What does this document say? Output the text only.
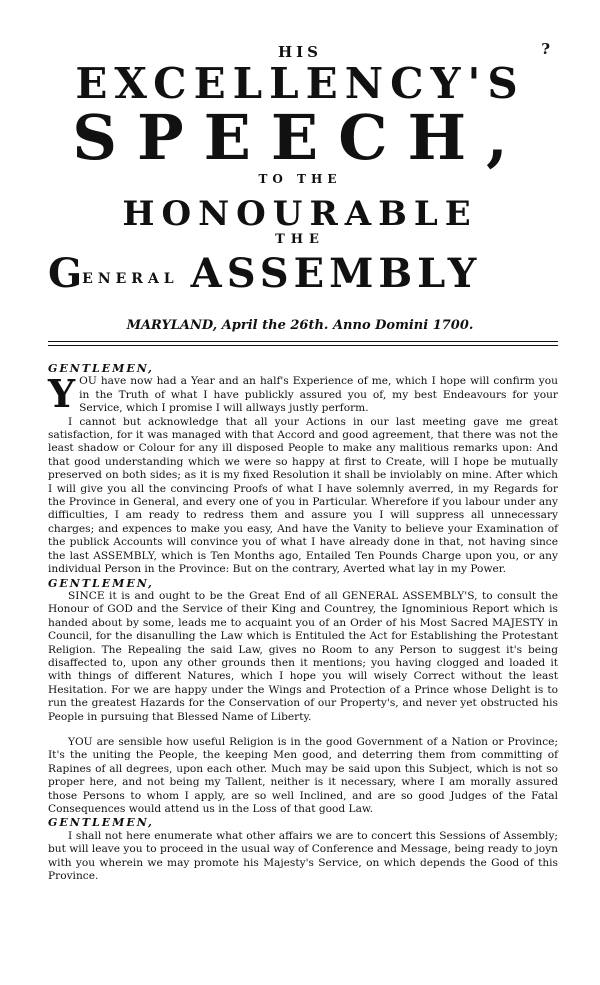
?
HIS
EXCELLENCY'S
SPEECH,
TO THE
HONOURABLE
THE
GENERAL ASSEMBLY
MARYLAND, April the 26th. Anno Domini 1700.

GENTLEMEN,

YOU have now had a Year and an half's Experience of me, which I hope will confirm you in the Truth of what I have publickly assured you of, my best Endeavours for your Service, which I promise I will allways justly perform.

I cannot but acknowledge that all your Actions in our last meeting gave me great satisfaction, for it was managed with that Accord and good agreement, that there was not the least shadow or Colour for any ill disposed People to make any malitious remarks upon: And that good understanding which we were so happy at first to Create, will I hope be mutually preserved on both sides; as it is my fixed Resolution it shall be inviolably on mine. After which I will give you all the convincing Proofs of what I have solemnly averred, in my Regards for the Province in General, and every one of you in Particular. Wherefore if you labour under any difficulties, I am ready to redress them and assure you I will suppress all unnecessary charges; and expences to make you easy, And have the Vanity to believe your Examination of the publick Accounts will convince you of what I have already done in that, not having since the last ASSEMBLY, which is Ten Months ago, Entailed Ten Pounds Charge upon you, or any individual Person in the Province: But on the contrary, Averted what lay in my Power.

GENTLEMEN,

SINCE it is and ought to be the Great End of all GENERAL ASSEMBLY'S, to consult the Honour of GOD and the Service of their King and Countrey, the Ignominious Report which is handed about by some, leads me to acquaint you of an Order of his Most Sacred MAJESTY in Council, for the disanulling the Law which is Entituled the Act for Establishing the Protestant Religion. The Repealing the said Law, gives no Room to any Person to suggest it's being disaffected to, upon any other grounds then it mentions; you having clogged and loaded it with things of different Natures, which I hope you will wisely Correct without the least Hesitation. For we are happy under the Wings and Protection of a Prince whose Delight is to run the greatest Hazards for the Conservation of our Property's, and never yet obstructed his People in pursuing that Blessed Name of Liberty.

YOU are sensible how useful Religion is in the good Government of a Nation or Province; It's the uniting the People, the keeping Men good, and deterring them from committing of Rapines of all degrees, upon each other. Much may be said upon this Subject, which is not so proper here, and not being my Tallent, neither is it necessary, where I am morally assured those Persons to whom I apply, are so well Inclined, and are so good Judges of the Fatal Consequences would attend us in the Loss of that good Law.

GENTLEMEN,

I shall not here enumerate what other affairs we are to concert this Sessions of Assembly; but will leave you to proceed in the usual way of Conference and Message, being ready to joyn with you wherein we may promote his Majesty's Service, on which depends the Good of this Province.
